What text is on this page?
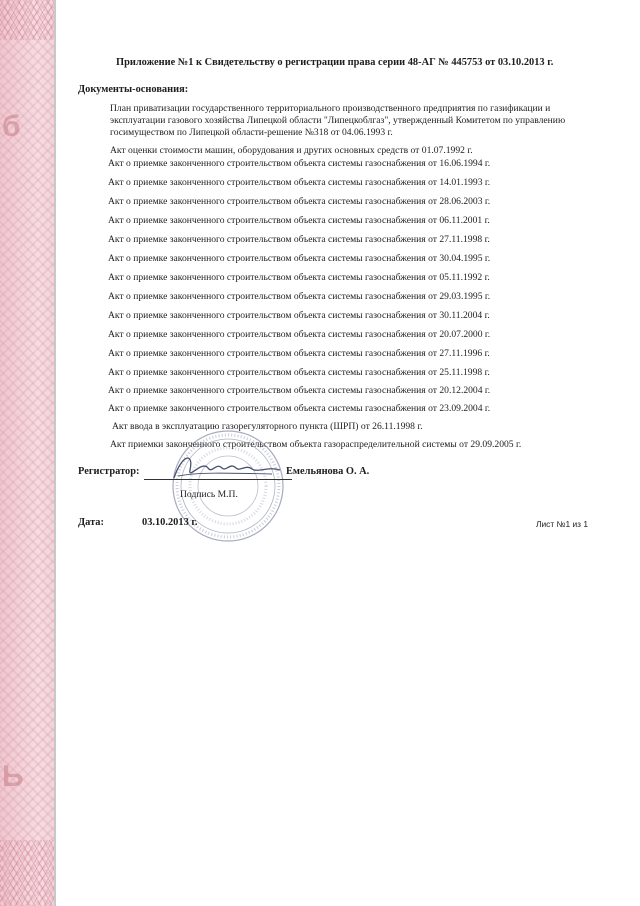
б
Ь
Приложение №1 к Свидетельству о регистрации права серии 48-АГ № 445753 от 03.10.2013 г.
Документы-основания:
План приватизации государственного территориального производственного предприятия по газификации и эксплуатации газового хозяйства Липецкой области "Липецкоблгаз", утвержденный Комитетом по управлению госимуществом по Липецкой области-решение №318 от 04.06.1993 г.
Акт оценки стоимости машин, оборудования и других основных средств от 01.07.1992 г.
Акт о приемке законченного строительством объекта системы газоснабжения от 16.06.1994 г.
Акт о приемке законченного строительством объекта системы газоснабжения от 14.01.1993 г.
Акт о приемке законченного строительством объекта системы газоснабжения от 28.06.2003 г.
Акт о приемке законченного строительством объекта системы газоснабжения от 06.11.2001 г.
Акт о приемке законченного строительством объекта системы газоснабжения от 27.11.1998 г.
Акт о приемке законченного строительством объекта системы газоснабжения от 30.04.1995 г.
Акт о приемке законченного строительством объекта системы газоснабжения от 05.11.1992 г.
Акт о приемке законченного строительством объекта системы газоснабжения от 29.03.1995 г.
Акт о приемке законченного строительством объекта системы газоснабжения от 30.11.2004 г.
Акт о приемке законченного строительством объекта системы газоснабжения от 20.07.2000 г.
Акт о приемке законченного строительством объекта системы газоснабжения от 27.11.1996 г.
Акт о приемке законченного строительством объекта системы газоснабжения от 25.11.1998 г.
Акт о приемке законченного строительством объекта системы газоснабжения от 20.12.2004 г.
Акт о приемке законченного строительством объекта системы газоснабжения от 23.09.2004 г.
Акт ввода в эксплуатацию газорегуляторного пункта (ШРП) от 26.11.1998 г.
Акт приемки законченного строительством объекта газораспределительной системы от 29.09.2005 г.
Регистратор:	Емельянова О. А.
Подпись М.П.
Дата:	03.10.2013 г.	Лист №1 из 1
